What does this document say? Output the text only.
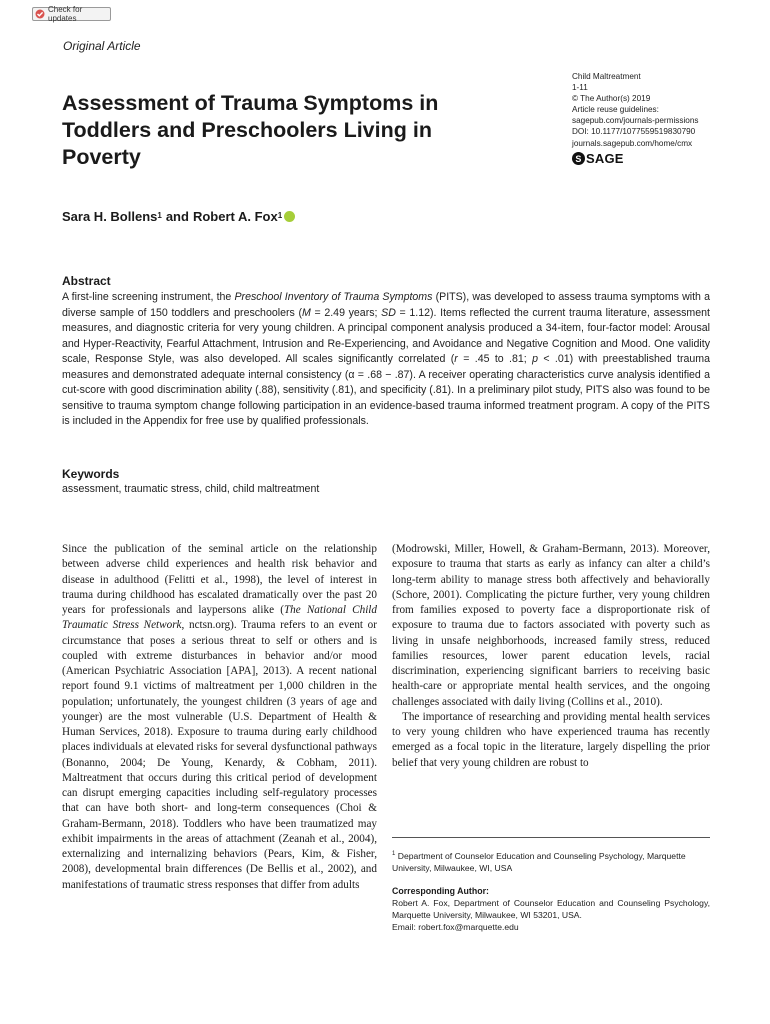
Check for updates
Original Article
Child Maltreatment
1-11
© The Author(s) 2019
Article reuse guidelines:
sagepub.com/journals-permissions
DOI: 10.1177/1077559519830790
journals.sagepub.com/home/cmx
S SAGE
Assessment of Trauma Symptoms in Toddlers and Preschoolers Living in Poverty
Sara H. Bollens$^1$ and Robert A. Fox$^1$
Abstract
A first-line screening instrument, the Preschool Inventory of Trauma Symptoms (PITS), was developed to assess trauma symptoms with a diverse sample of 150 toddlers and preschoolers (M = 2.49 years; SD = 1.12). Items reflected the current trauma literature, assessment measures, and diagnostic criteria for very young children. A principal component analysis produced a 34-item, four-factor model: Arousal and Hyper-Reactivity, Fearful Attachment, Intrusion and Re-Experiencing, and Avoidance and Negative Cognition and Mood. One validity scale, Response Style, was also developed. All scales significantly correlated (r = .45 to .81; p < .01) with preestablished trauma measures and demonstrated adequate internal consistency (α = .68 − .87). A receiver operating characteristics curve analysis identified a cut-score with good discrimination ability (.88), sensitivity (.81), and specificity (.81). In a preliminary pilot study, PITS also was found to be sensitive to trauma symptom change following participation in an evidence-based trauma informed treatment program. A copy of the PITS is included in the Appendix for free use by qualified professionals.
Keywords
assessment, traumatic stress, child, child maltreatment
Since the publication of the seminal article on the relationship between adverse child experiences and health risk behavior and disease in adulthood (Felitti et al., 1998), the level of interest in trauma during childhood has escalated dramatically over the past 20 years for professionals and laypersons alike (The National Child Traumatic Stress Network, nctsn.org). Trauma refers to an event or circumstance that poses a serious threat to self or others and is coupled with extreme disturbances in behavior and/or mood (American Psychiatric Association [APA], 2013). A recent national report found 9.1 victims of maltreatment per 1,000 children in the population; unfortunately, the youngest children (3 years of age and younger) are the most vulnerable (U.S. Department of Health & Human Services, 2018). Exposure to trauma during early childhood places individuals at elevated risks for several dysfunctional pathways (Bonanno, 2004; De Young, Kenardy, & Cobham, 2011). Maltreatment that occurs during this critical period of development can disrupt emerging capacities including self-regulatory processes that can have both short- and long-term consequences (Choi & Graham-Bermann, 2018). Toddlers who have been traumatized may exhibit impairments in the areas of attachment (Zeanah et al., 2004), externalizing and internalizing behaviors (Pears, Kim, & Fisher, 2008), developmental brain differences (De Bellis et al., 2002), and manifestations of traumatic stress responses that differ from adults
(Modrowski, Miller, Howell, & Graham-Bermann, 2013). Moreover, exposure to trauma that starts as early as infancy can alter a child’s long-term ability to manage stress both affectively and behaviorally (Schore, 2001). Complicating the picture further, very young children from families exposed to poverty face a disproportionate risk of exposure to trauma due to factors associated with poverty such as living in unsafe neighborhoods, increased family stress, reduced families resources, lower parent education levels, racial discrimination, experiencing significant barriers to receiving basic health-care or appropriate mental health services, and the ongoing challenges associated with daily living (Collins et al., 2010).
The importance of researching and providing mental health services to very young children who have experienced trauma has recently emerged as a focal topic in the literature, largely dispelling the prior belief that very young children are robust to
$^1$ Department of Counselor Education and Counseling Psychology, Marquette University, Milwaukee, WI, USA
Corresponding Author:
Robert A. Fox, Department of Counselor Education and Counseling Psychology, Marquette University, Milwaukee, WI 53201, USA.
Email: robert.fox@marquette.edu
